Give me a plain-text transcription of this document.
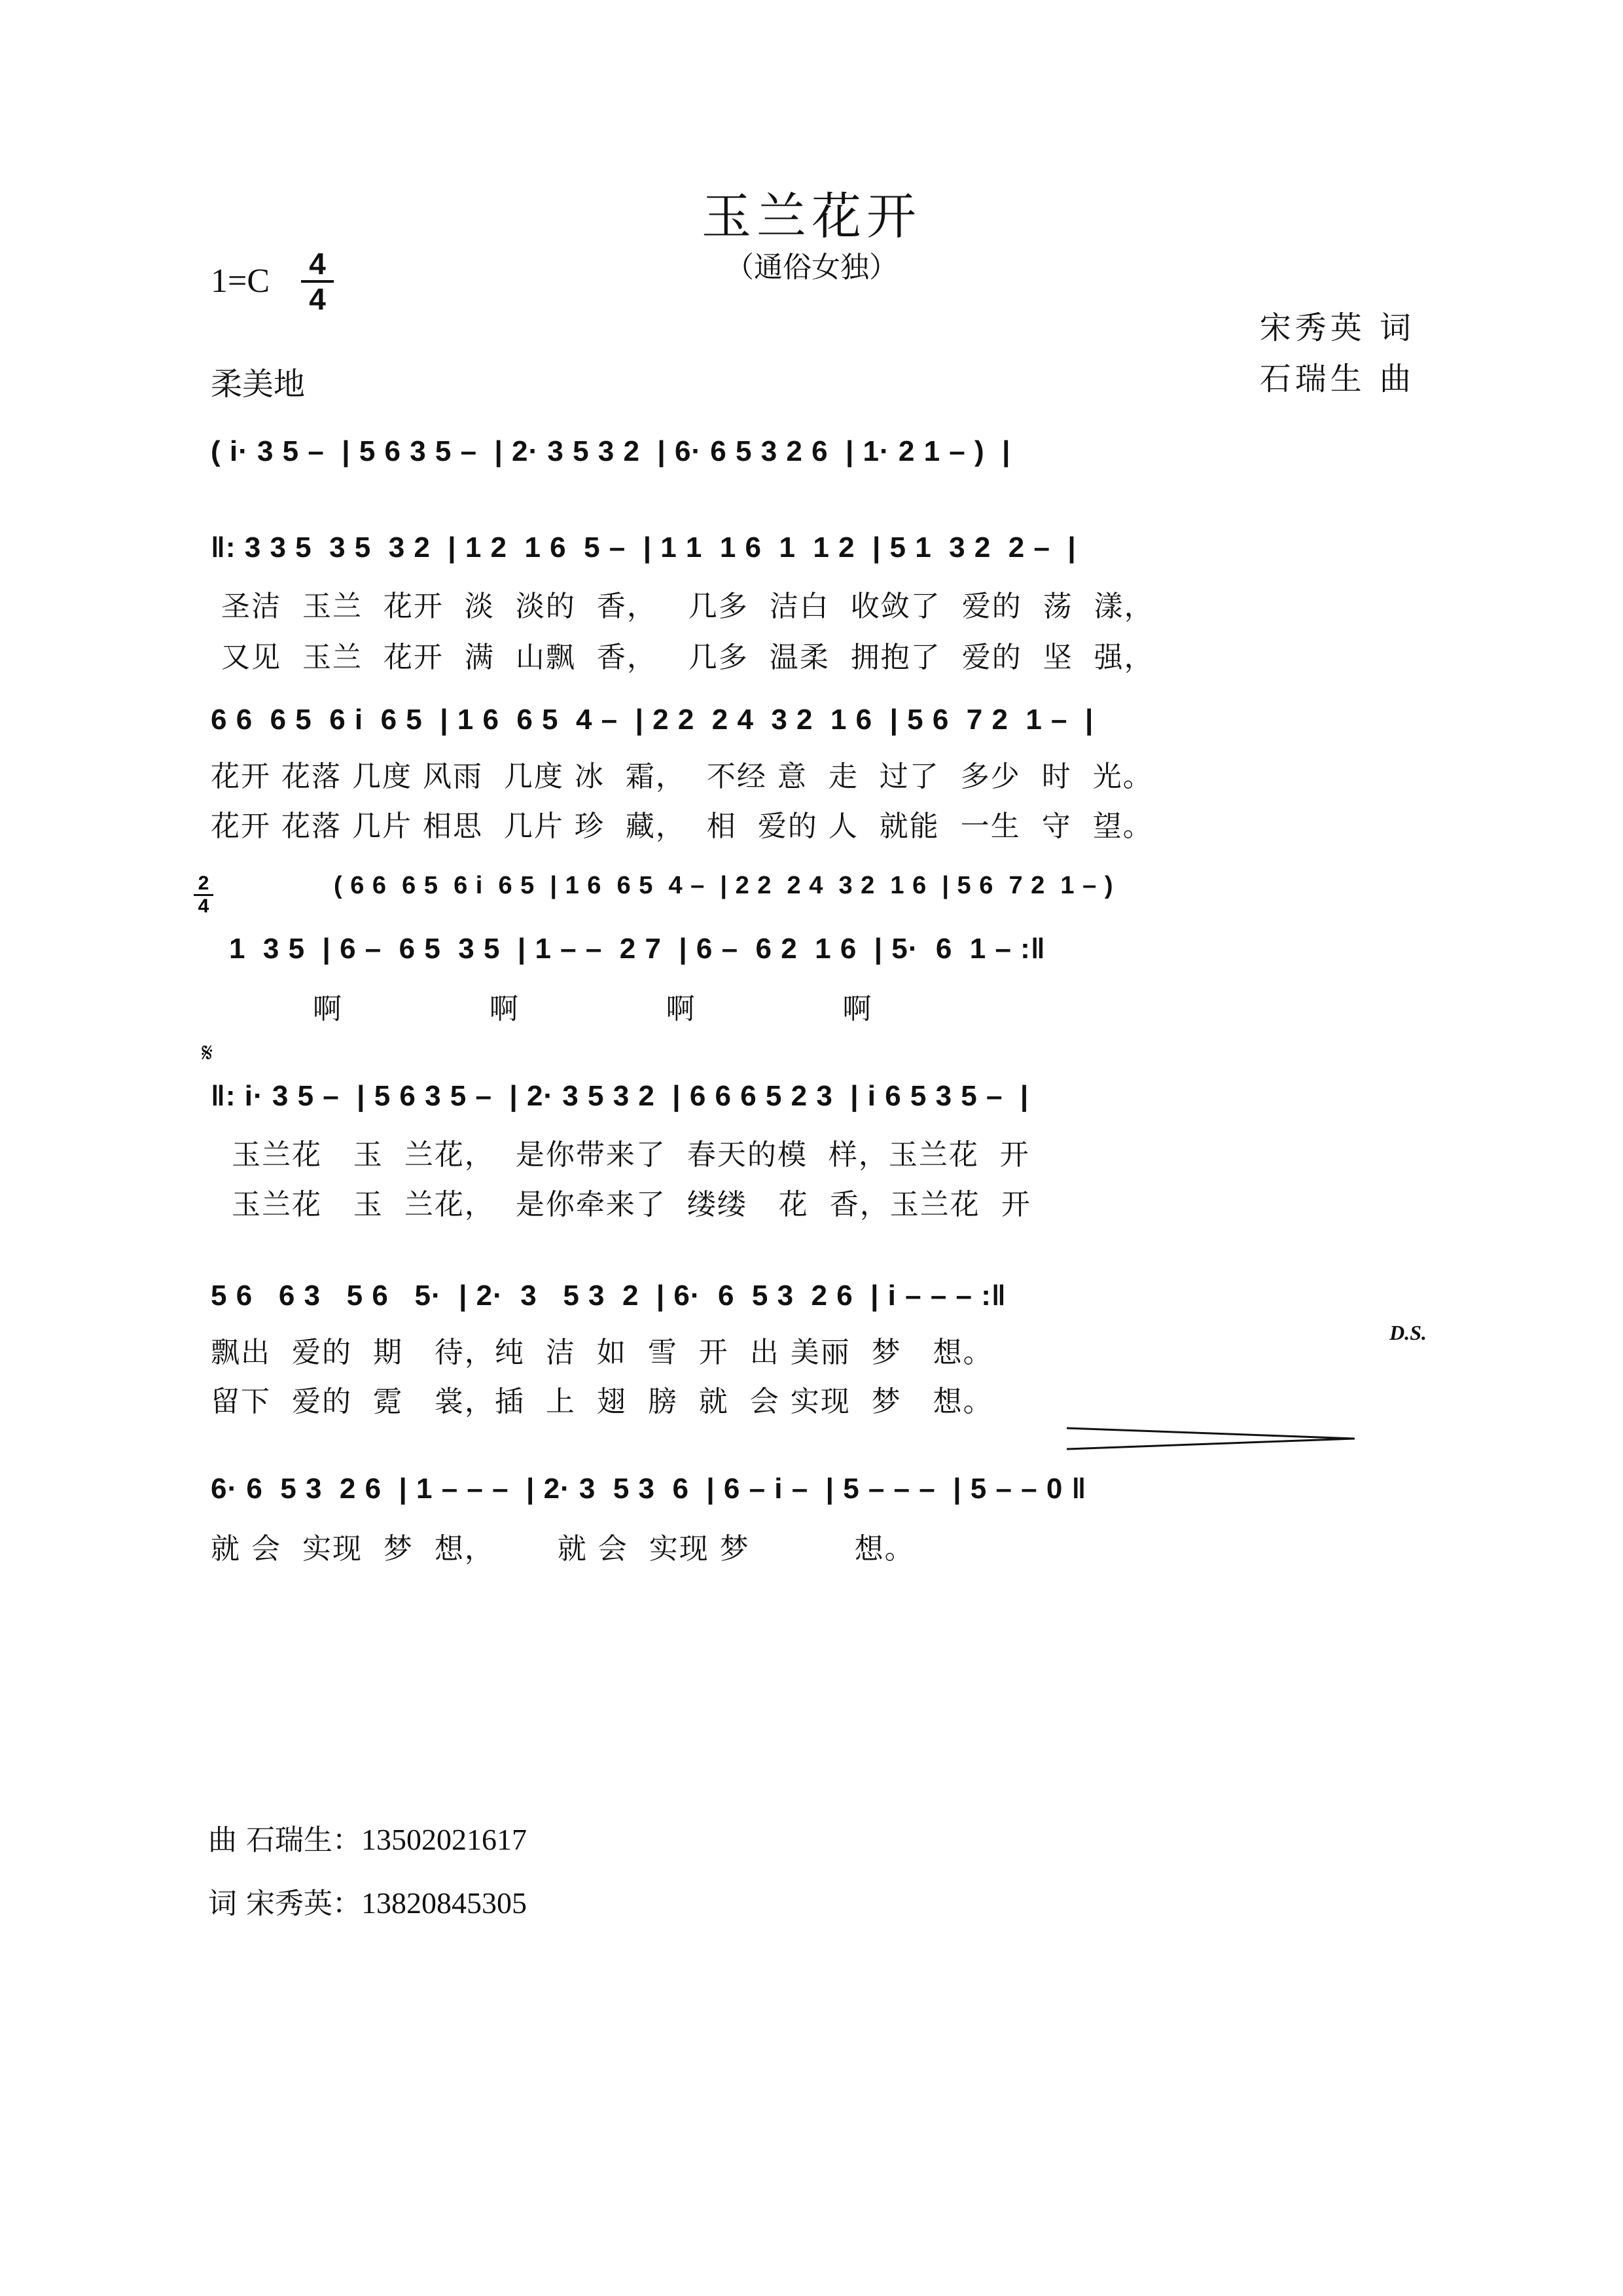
玉兰花开
（通俗女独）
1=C 4
4
柔美地
宋秀英 词
石瑞生 曲
( i· 3 5 –  | 5 6 3 5 –  | 2· 3 5 3 2  | 6· 6 5 3 2 6  | 1· 2 1 – )  |
‖: 3 3 5  3 5  3 2  | 1 2  1 6  5 –  | 1 1  1 6  1  1 2  | 5 1  3 2  2 –  |
圣洁  玉兰  花开  淡  淡的  香，   几多  洁白  收敛了  爱的  荡  漾，
又见  玉兰  花开  满  山飘  香，   几多  温柔  拥抱了  爱的  坚  强，
6 6  6 5  6 i  6 5  | 1 6  6 5  4 –  | 2 2  2 4  3 2  1 6  | 5 6  7 2  1 –  |
花开 花落 几度 风雨  几度 冰  霜，  不经 意  走  过了  多少  时  光。
花开 花落 几片 相思  几片 珍  藏，  相  爱的 人  就能  一生  守  望。
2
4
( 6 6  6 5  6 i  6 5  | 1 6  6 5  4 –  | 2 2  2 4  3 2  1 6  | 5 6  7 2  1 – )
1  3 5  | 6 –  6 5  3 5  | 1 – –  2 7  | 6 –  6 2  1 6  | 5·  6  1 – :‖
啊              啊              啊              啊
𝄋
‖: i· 3 5 –  | 5 6 3 5 –  | 2· 3 5 3 2  | 6 6 6 5 2 3  | i 6 5 3 5 –  |
玉兰花   玉  兰花，  是你带来了  春天的模  样，玉兰花  开
玉兰花   玉  兰花，  是你牵来了  缕缕   花  香，玉兰花  开
5 6   6 3   5 6   5·  | 2·  3   5 3  2  | 6·  6  5 3  2 6  | i – – – :‖
D.S.
飘出  爱的  期   待，纯  洁  如  雪  开  出 美丽  梦   想。
留下  爱的  霓   裳，插  上  翅  膀  就  会 实现  梦   想。
6· 6  5 3  2 6  | 1 – – –  | 2· 3  5 3  6  | 6 – i –  | 5 – – –  | 5 – – 0 ‖
就 会  实现  梦  想，      就 会  实现 梦          想。
曲 石瑞生：13502021617
词 宋秀英：13820845305
